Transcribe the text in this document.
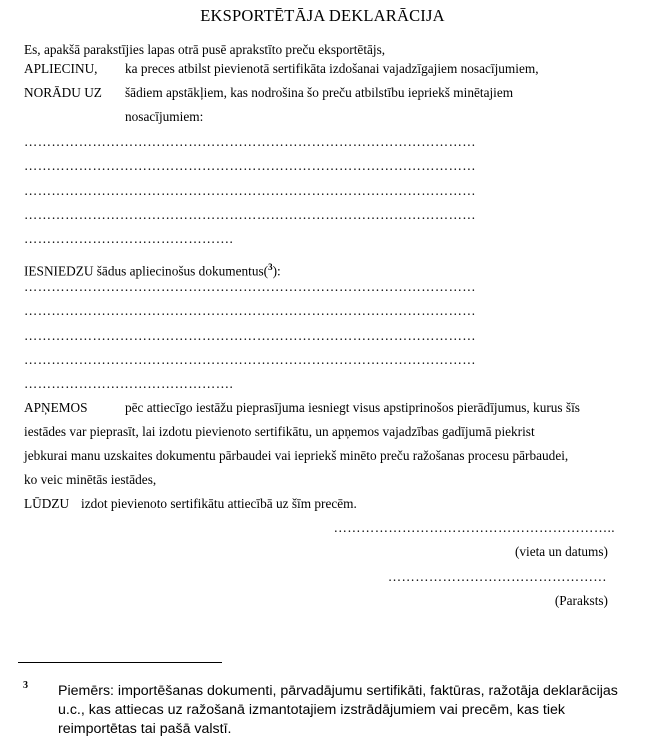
EKSPORTĒTĀJA DEKLARĀCIJA
Es, apakšā parakstījies lapas otrā pusē aprakstīto preču eksportētājs,
APLIECINU, ka preces atbilst pievienotā sertifikāta izdošanai vajadzīgajiem nosacījumiem,
NORĀDU UZ šādiem apstākļiem, kas nodrošina šo preču atbilstību iepriekš minētajiem
nosacījumiem:
………………………………………………………………………………………
………………………………………………………………………………………
………………………………………………………………………………………
………………………………………………………………………………………
……………………………………….
IESNIEDZU šādus apliecinošus dokumentus($^3$):
………………………………………………………………………………………
………………………………………………………………………………………
………………………………………………………………………………………
………………………………………………………………………………………
……………………………………….
APŅEMOS	pēc attiecīgo iestāžu pieprasījuma iesniegt visus apstiprinošos pierādījumus, kurus šīs
iestādes var pieprasīt, lai izdotu pievienoto sertifikātu, un apņemos vajadzības gadījumā piekrist
jebkurai manu uzskaites dokumentu pārbaudei vai iepriekš minēto preču ražošanas procesu pārbaudei,
ko veic minētās iestādes,
LŪDZU izdot pievienoto sertifikātu attiecībā uz šīm precēm.
……………………………………………………..
(vieta un datums)
…………………………………………
(Paraksts)
3 Piemērs: importēšanas dokumenti, pārvadājumu sertifikāti, faktūras, ražotāja deklarācijas u.c., kas attiecas uz ražošanā izmantotajiem izstrādājumiem vai precēm, kas tiek reimportētas tai pašā valstī.
